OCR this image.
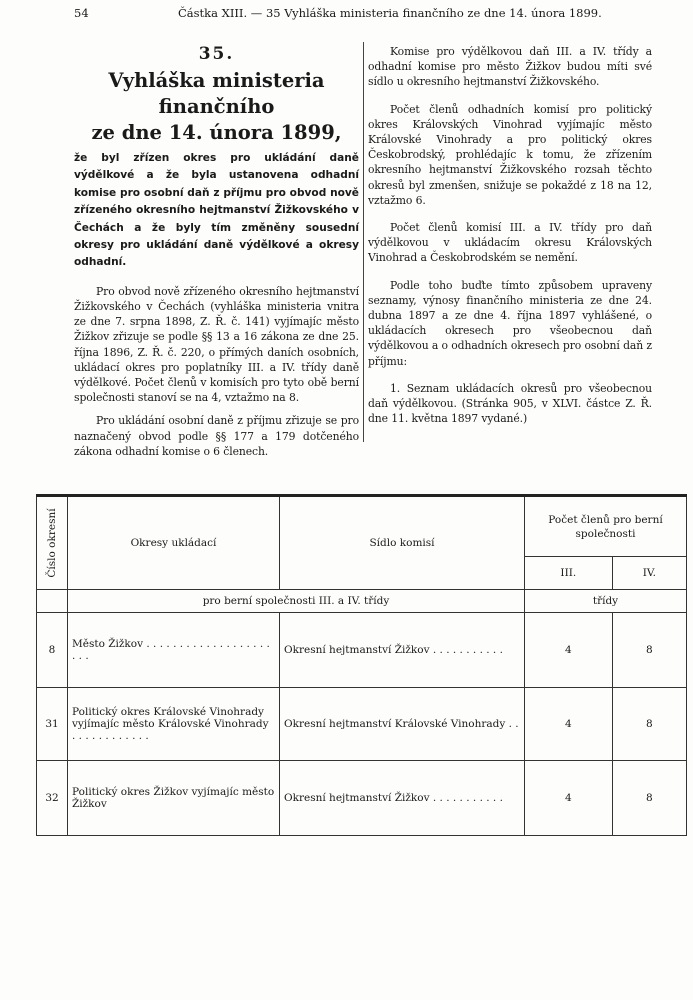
54	Částka XIII. — 35 Vyhláška ministeria finančního ze dne 14. února 1899.
35.
Vyhláška ministeria finančního
ze dne 14. února 1899,
že byl zřízen okres pro ukládání daně výdělkové a že byla ustanovena odhadní komise pro osobní daň z příjmu pro obvod nově zřízeného okresního hejtmanství Žižkovského v Čechách a že byly tím změněny sousední okresy pro ukládání daně výdělkové a okresy odhadní.

Pro obvod nově zřízeného okresního hejtmanství Žižkovského v Čechách (vyhláška ministeria vnitra ze dne 7. srpna 1898, Z. Ř. č. 141) vyjímajíc město Žižkov zřizuje se podle §§ 13 a 16 zákona ze dne 25. října 1896, Z. Ř. č. 220, o přímých daních osobních, ukládací okres pro poplatníky III. a IV. třídy daně výdělkové. Počet členů v komisích pro tyto obě berní společnosti stanoví se na 4, vztažmo na 8.

Pro ukládání osobní daně z příjmu zřizuje se pro naznačený obvod podle §§ 177 a 179 dotčeného zákona odhadní komise o 6 členech.

Komise pro výdělkovou daň III. a IV. třídy a odhadní komise pro město Žižkov budou míti své sídlo u okresního hejtmanství Žižkovského.

Počet členů odhadních komisí pro politický okres Královských Vinohrad vyjímajíc město Královské Vinohrady a pro politický okres Českobrodský, prohlédajíc k tomu, že zřízením okresního hejtmanství Žižkovského rozsah těchto okresů byl zmenšen, snižuje se pokaždé z 18 na 12, vztažmo 6.

Počet členů komisí III. a IV. třídy pro daň výdělkovou v ukládacím okresu Královských Vinohrad a Českobrodském se nemění.

Podle toho buďte tímto způsobem upraveny seznamy, výnosy finančního ministeria ze dne 24. dubna 1897 a ze dne 4. října 1897 vyhlášené, o ukládacích okresech pro všeobecnou daň výdělkovou a o odhadních okresech pro osobní daň z příjmu:

1. Seznam ukládacích okresů pro všeobecnou daň výdělkovou. (Stránka 905, v XLVI. částce Z. Ř. dne 11. května 1897 vydané.)

Číslo okresní	Okresy ukládací	Sídlo komisí	Počet členů pro berní společnosti	
			III.	IV.
	pro berní společnosti III. a IV. třídy		třídy	
8	Město Žižkov . . . . . . . . . . . . . . . . . . . . . .	Okresní hejtmanství Žižkov . . . . . . . . . . .	4	8
31	Politický okres Královské Vinohrady vyjímajíc město Královské Vinohrady . . . . . . . . . . . .	Okresní hejtmanství Královské Vinohrady . .	4	8
32	Politický okres Žižkov vyjímajíc město Žižkov	Okresní hejtmanství Žižkov . . . . . . . . . . .	4	8
